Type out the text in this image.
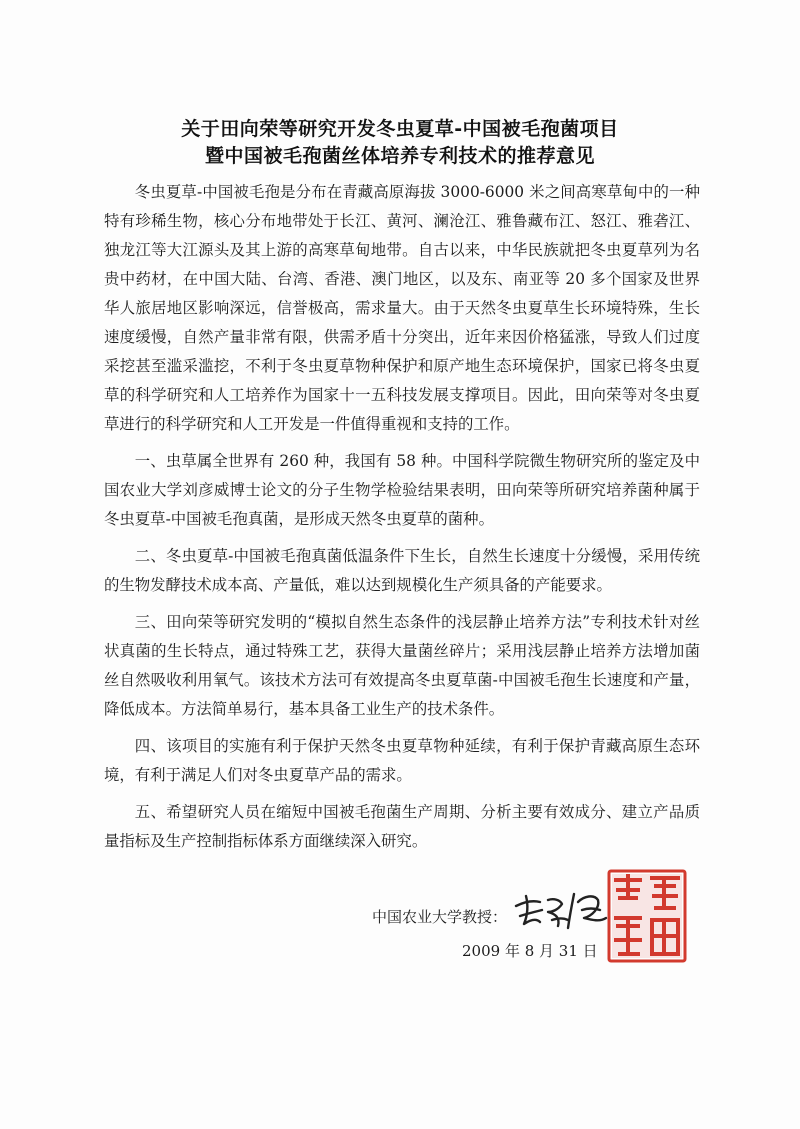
关于田向荣等研究开发冬虫夏草-中国被毛孢菌项目
暨中国被毛孢菌丝体培养专利技术的推荐意见

冬虫夏草-中国被毛孢是分布在青藏高原海拔 3000-6000 米之间高寒草甸中的一种特有珍稀生物，核心分布地带处于长江、黄河、澜沧江、雅鲁藏布江、怒江、雅砻江、独龙江等大江源头及其上游的高寒草甸地带。自古以来，中华民族就把冬虫夏草列为名贵中药材，在中国大陆、台湾、香港、澳门地区，以及东、南亚等 20 多个国家及世界华人旅居地区影响深远，信誉极高，需求量大。由于天然冬虫夏草生长环境特殊，生长速度缓慢，自然产量非常有限，供需矛盾十分突出，近年来因价格猛涨，导致人们过度采挖甚至滥采滥挖，不利于冬虫夏草物种保护和原产地生态环境保护，国家已将冬虫夏草的科学研究和人工培养作为国家十一五科技发展支撑项目。因此，田向荣等对冬虫夏草进行的科学研究和人工开发是一件值得重视和支持的工作。

一、虫草属全世界有 260 种，我国有 58 种。中国科学院微生物研究所的鉴定及中国农业大学刘彦威博士论文的分子生物学检验结果表明，田向荣等所研究培养菌种属于冬虫夏草-中国被毛孢真菌，是形成天然冬虫夏草的菌种。

二、冬虫夏草-中国被毛孢真菌低温条件下生长，自然生长速度十分缓慢，采用传统的生物发酵技术成本高、产量低，难以达到规模化生产须具备的产能要求。

三、田向荣等研究发明的“模拟自然生态条件的浅层静止培养方法”专利技术针对丝状真菌的生长特点，通过特殊工艺，获得大量菌丝碎片；采用浅层静止培养方法增加菌丝自然吸收利用氧气。该技术方法可有效提高冬虫夏草菌-中国被毛孢生长速度和产量，降低成本。方法简单易行，基本具备工业生产的技术条件。

四、该项目的实施有利于保护天然冬虫夏草物种延续，有利于保护青藏高原生态环境，有利于满足人们对冬虫夏草产品的需求。

五、希望研究人员在缩短中国被毛孢菌生产周期、分析主要有效成分、建立产品质量指标及生产控制指标体系方面继续深入研究。

中国农业大学教授：
2009 年 8 月 31 日
